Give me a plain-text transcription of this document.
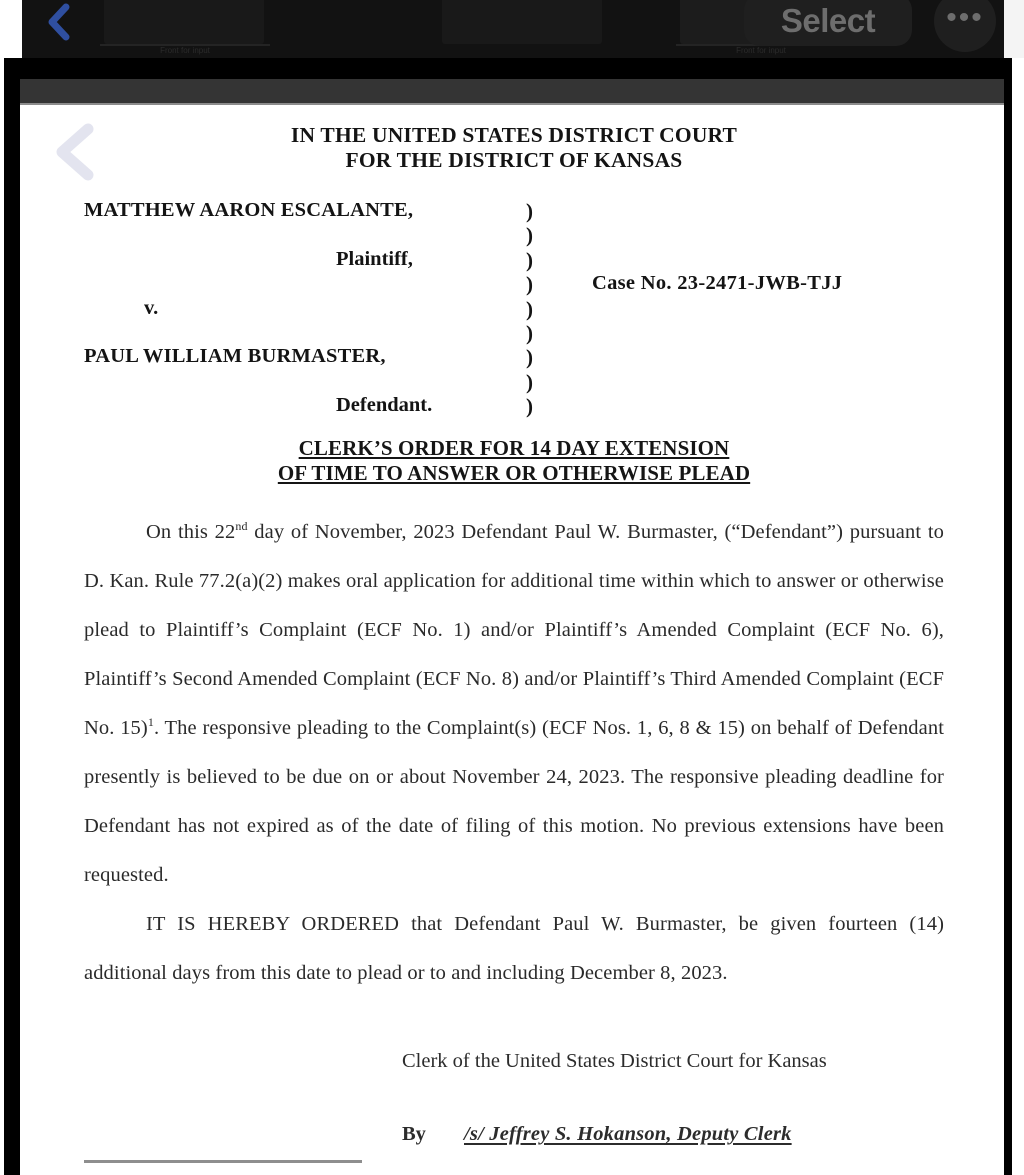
Front for input	Front for input
Select	•••
IN THE UNITED STATES DISTRICT COURT
FOR THE DISTRICT OF KANSAS
MATTHEW AARON ESCALANTE,
Plaintiff,
v.
PAUL WILLIAM BURMASTER,
Defendant.
)
)
)
)
)
)
)
)
)
Case No. 23-2471-JWB-TJJ
CLERK’S ORDER FOR 14 DAY EXTENSION
OF TIME TO ANSWER OR OTHERWISE PLEAD

On this 22nd day of November, 2023 Defendant Paul W. Burmaster, (“Defendant”) pursuant to D. Kan. Rule 77.2(a)(2) makes oral application for additional time within which to answer or otherwise plead to Plaintiff’s Complaint (ECF No. 1) and/or Plaintiff’s Amended Complaint (ECF No. 6), Plaintiff’s Second Amended Complaint (ECF No. 8) and/or Plaintiff’s Third Amended Complaint (ECF No. 15)$^1$. The responsive pleading to the Complaint(s) (ECF Nos. 1, 6, 8 & 15) on behalf of Defendant presently is believed to be due on or about November 24, 2023. The responsive pleading deadline for Defendant has not expired as of the date of filing of this motion. No previous extensions have been requested.

IT IS HEREBY ORDERED that Defendant Paul W. Burmaster, be given fourteen (14) additional days from this date to plead or to and including December 8, 2023.

Clerk of the United States District Court for Kansas
By	/s/ Jeffrey S. Hokanson, Deputy Clerk
